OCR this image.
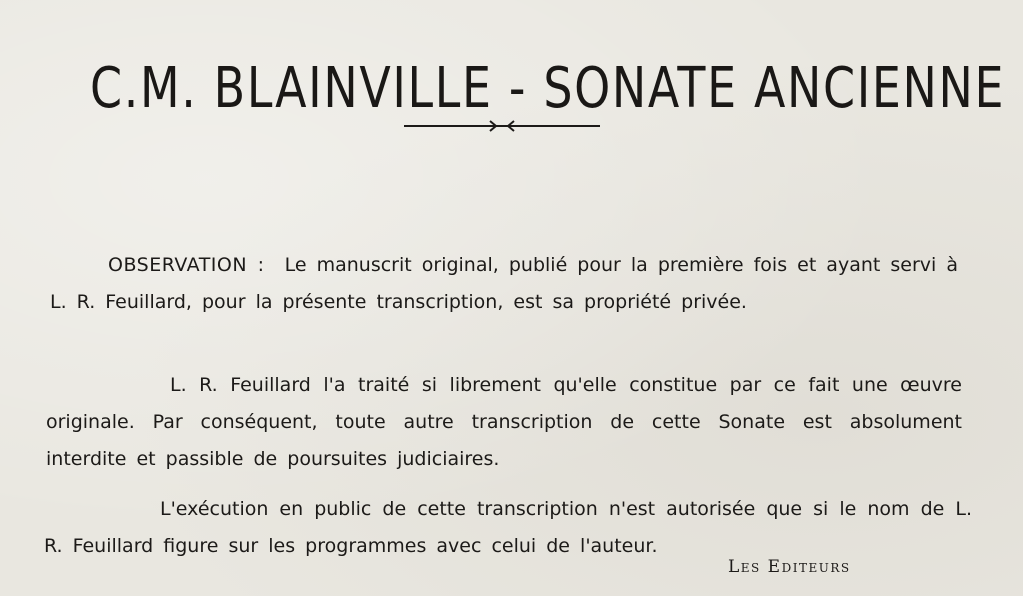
C.M. BLAINVILLE - SONATE ANCIENNE

OBSERVATION : Le manuscrit original, publié pour la première fois et ayant servi à L. R. Feuillard, pour la présente transcription, est sa propriété privée.

L. R. Feuillard l'a traité si librement qu'elle constitue par ce fait une œuvre originale. Par conséquent, toute autre transcription de cette Sonate est absolument interdite et passible de poursuites judiciaires.

L'exécution en public de cette transcription n'est autorisée que si le nom de L. R. Feuillard figure sur les programmes avec celui de l'auteur.

Les Editeurs
